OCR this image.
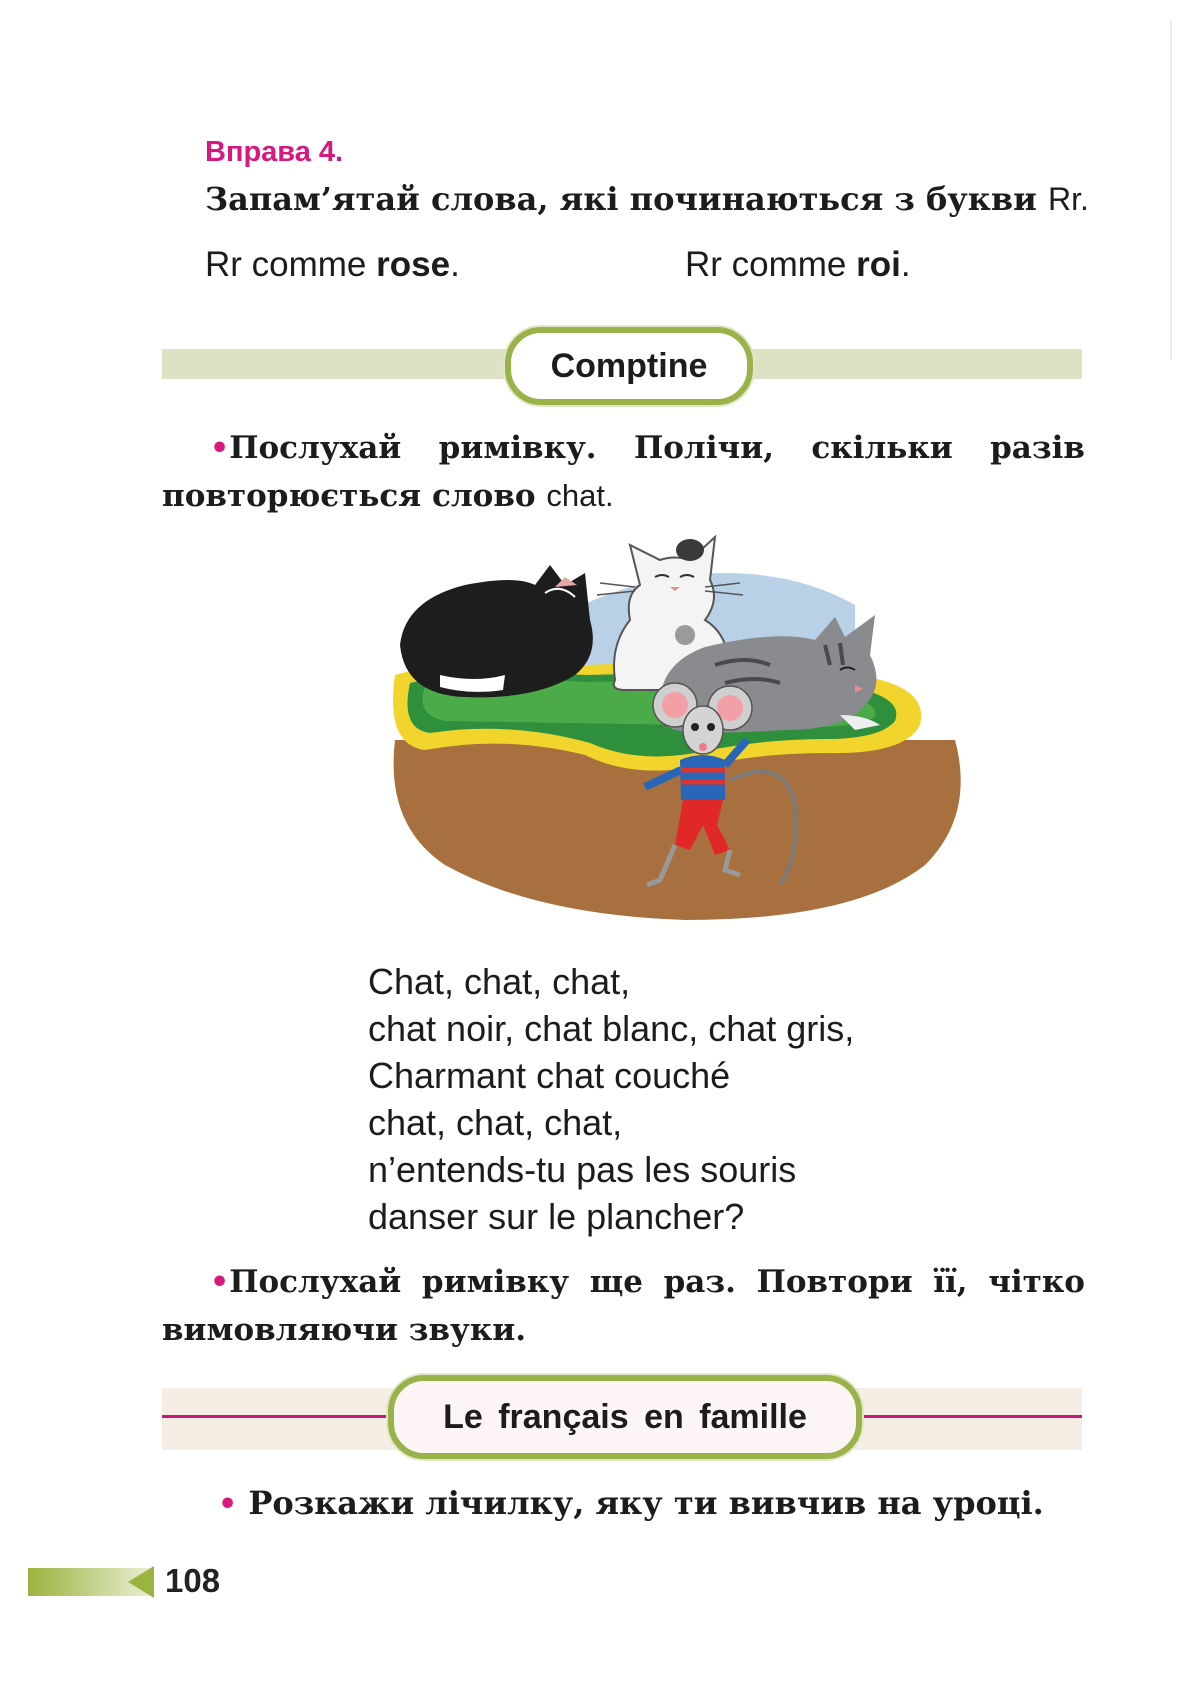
Вправа 4.
Запам’ятай слова, які починаються з букви Rr.
Rr comme rose.	Rr comme roi.
Comptine
•Послухай римівку. Полічи, скільки разів
повторюється слово chat.
Chat, chat, chat,
chat noir, chat blanc, chat gris,
Charmant chat couché
chat, chat, chat,
n’entends-tu pas les souris
danser sur le plancher?
•Послухай римівку ще раз. Повтори її, чітко
вимовляючи звуки.
Le français en famille
• Розкажи лічилку, яку ти вивчив на уроці.
108
